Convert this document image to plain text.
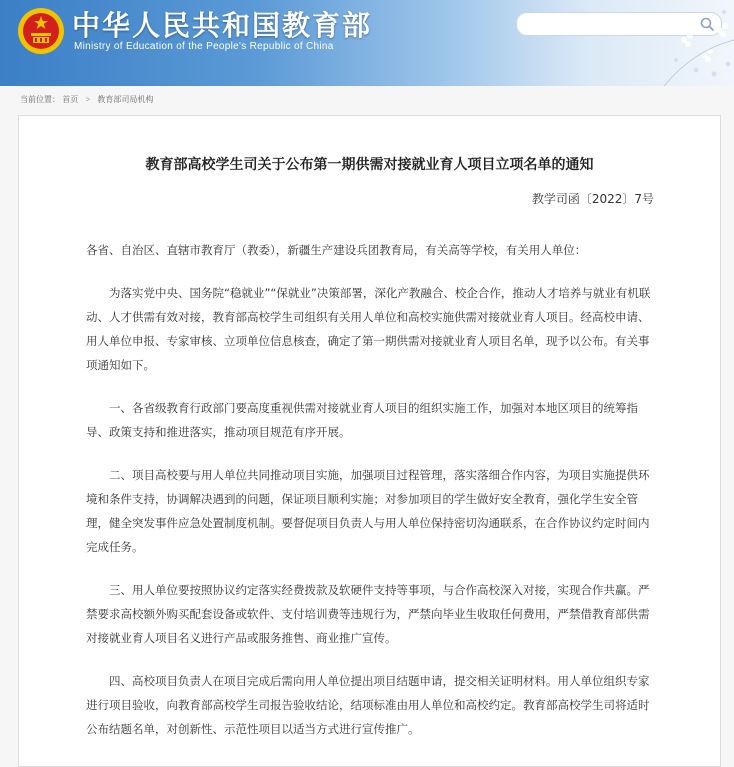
中华人民共和国教育部
Ministry of Education of the People's Republic of China
当前位置： 首页 > 教育部司局机构
教育部高校学生司关于公布第一期供需对接就业育人项目立项名单的通知
教学司函〔2022〕7号

各省、自治区、直辖市教育厅（教委），新疆生产建设兵团教育局，有关高等学校，有关用人单位：

为落实党中央、国务院“稳就业”“保就业”决策部署，深化产教融合、校企合作，推动人才培养与就业有机联动、人才供需有效对接，教育部高校学生司组织有关用人单位和高校实施供需对接就业育人项目。经高校申请、用人单位申报、专家审核、立项单位信息核查，确定了第一期供需对接就业育人项目名单，现予以公布。有关事项通知如下。

一、各省级教育行政部门要高度重视供需对接就业育人项目的组织实施工作，加强对本地区项目的统筹指导、政策支持和推进落实，推动项目规范有序开展。

二、项目高校要与用人单位共同推动项目实施，加强项目过程管理，落实落细合作内容，为项目实施提供环境和条件支持，协调解决遇到的问题，保证项目顺利实施；对参加项目的学生做好安全教育，强化学生安全管理，健全突发事件应急处置制度机制。要督促项目负责人与用人单位保持密切沟通联系，在合作协议约定时间内完成任务。

三、用人单位要按照协议约定落实经费拨款及软硬件支持等事项，与合作高校深入对接，实现合作共赢。严禁要求高校额外购买配套设备或软件、支付培训费等违规行为，严禁向毕业生收取任何费用，严禁借教育部供需对接就业育人项目名义进行产品或服务推售、商业推广宣传。

四、高校项目负责人在项目完成后需向用人单位提出项目结题申请，提交相关证明材料。用人单位组织专家进行项目验收，向教育部高校学生司报告验收结论，结项标准由用人单位和高校约定。教育部高校学生司将适时公布结题名单，对创新性、示范性项目以适当方式进行宣传推广。
